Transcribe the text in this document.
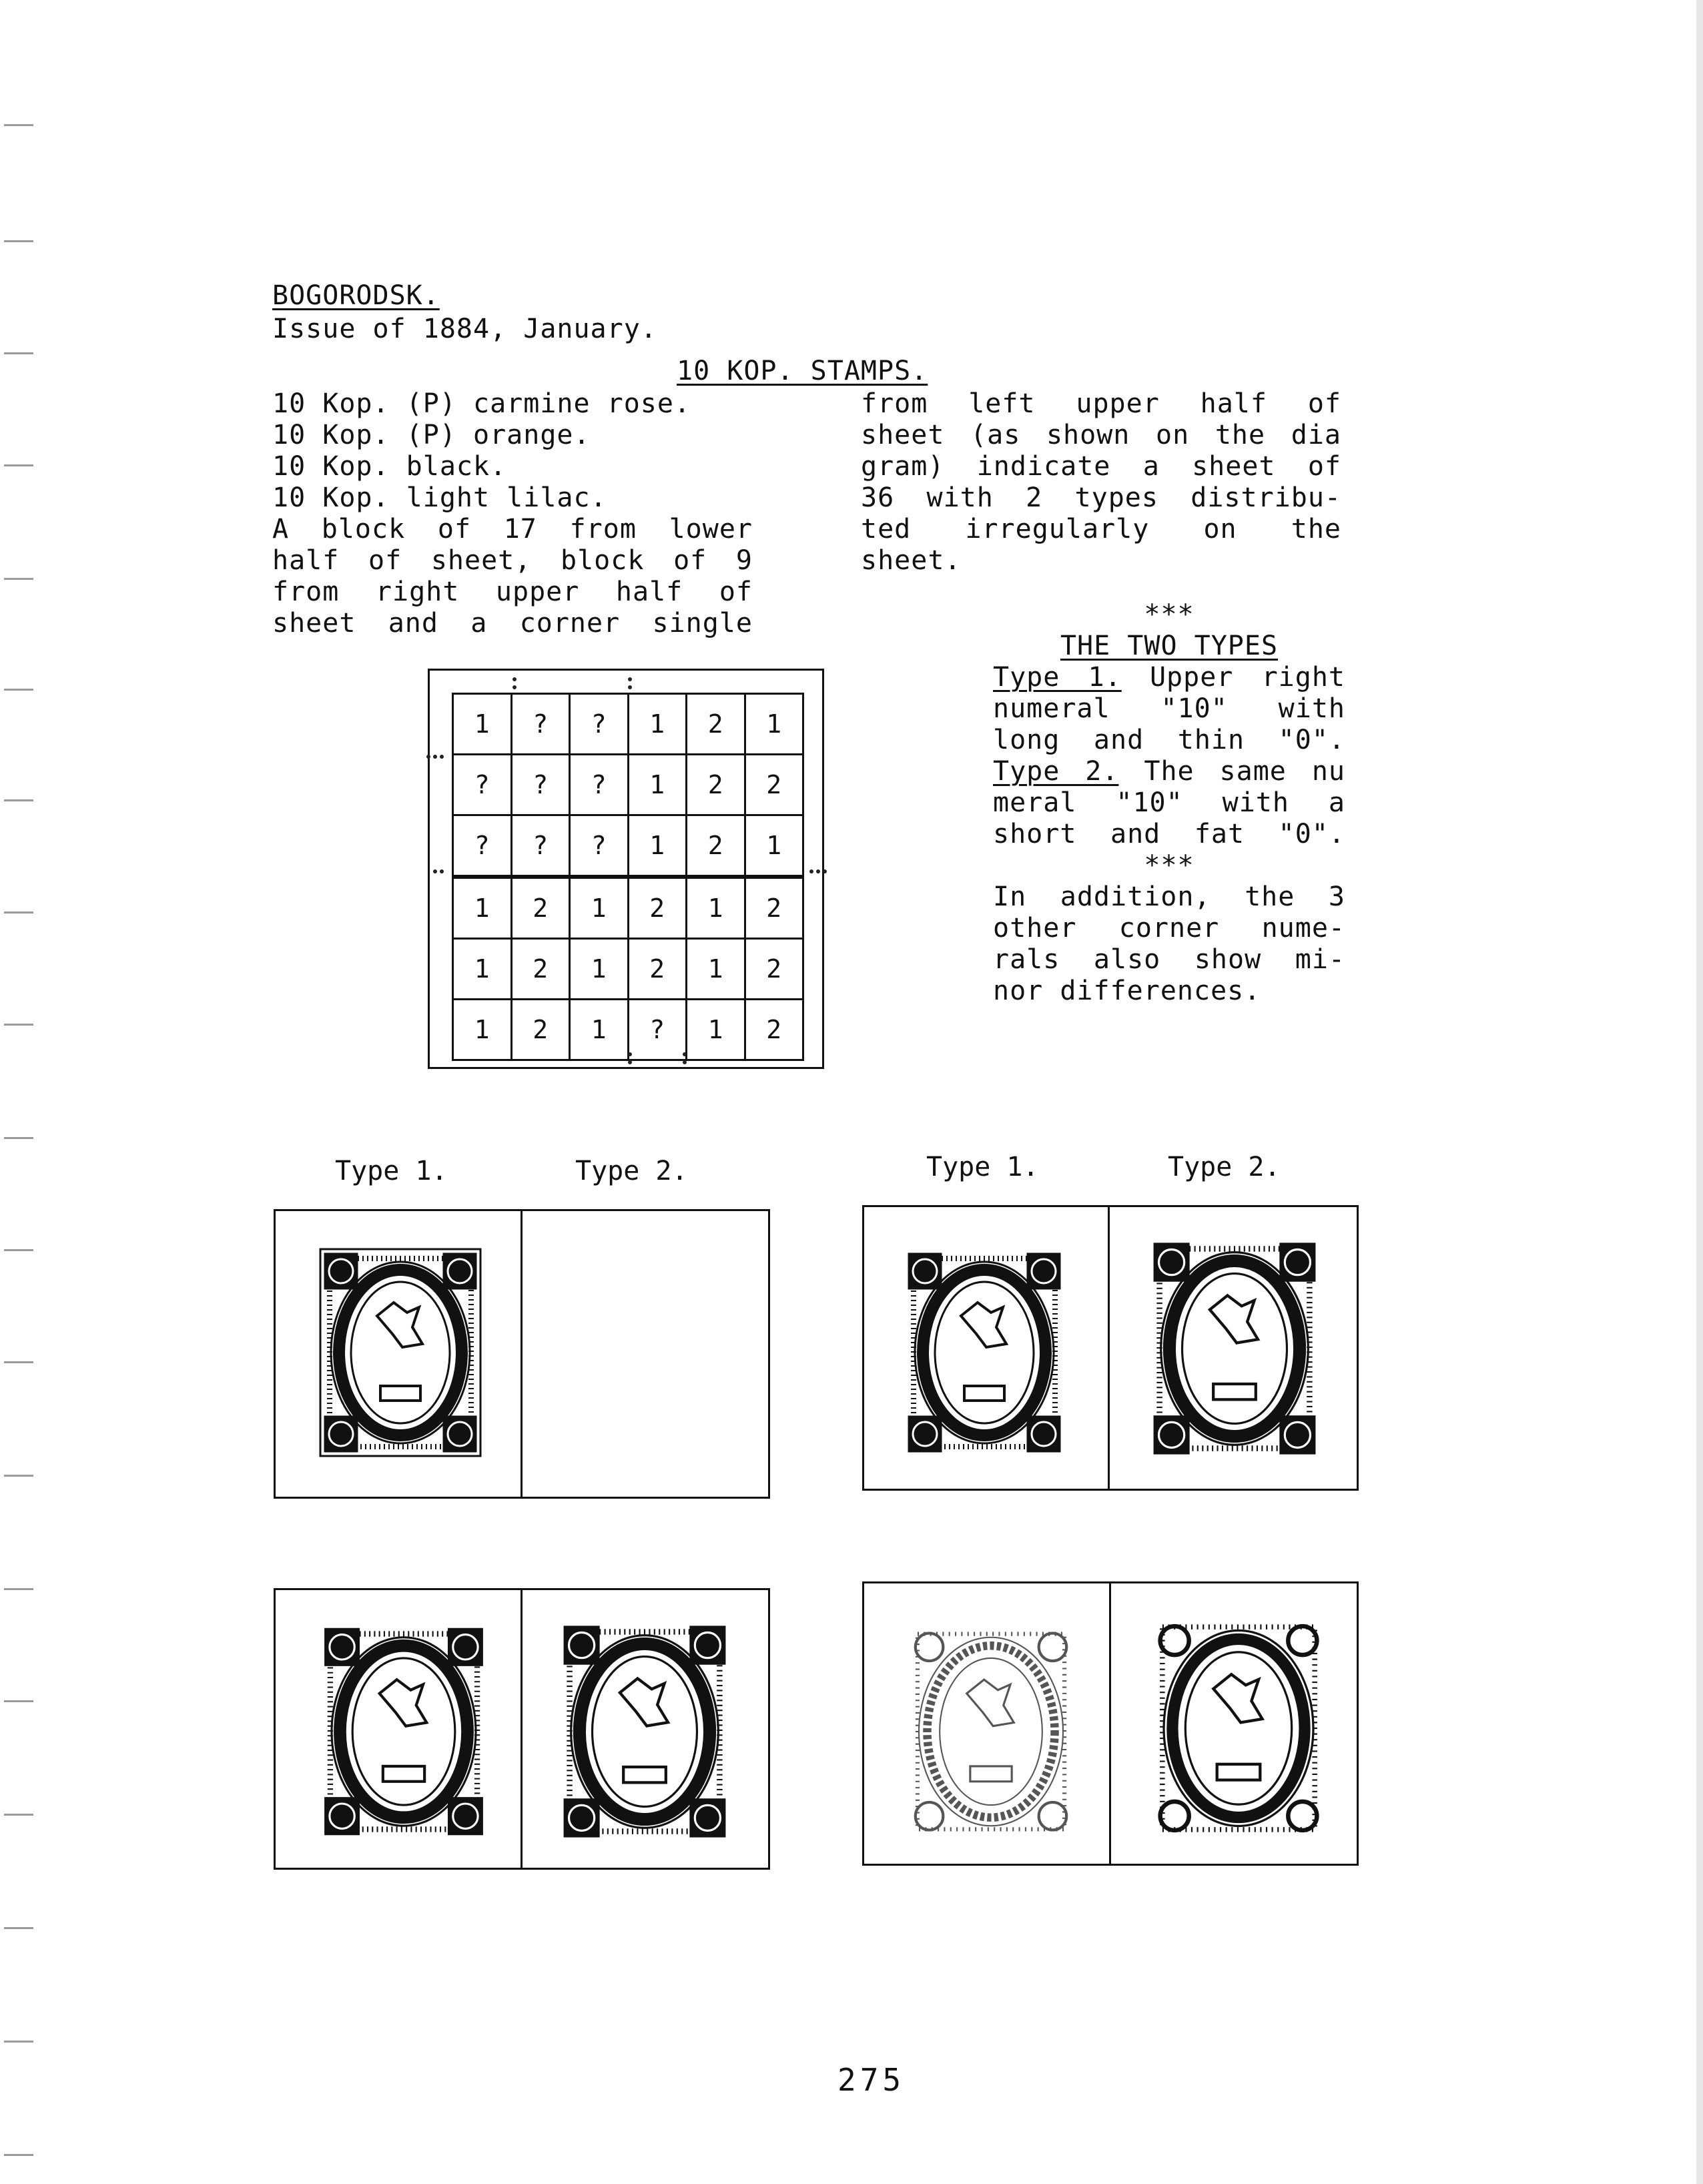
BOGORODSK.
Issue of 1884, January.
10 KOP. STAMPS.
10 Kop. (P) carmine rose.
10 Kop. (P) orange.
10 Kop. black.
10 Kop. light lilac.
A block of 17 from lower
half of sheet, block of 9
from right upper half of
sheet and a corner single
from left upper half of
sheet (as shown on the dia
gram) indicate a sheet of
36 with 2 types distribu-
ted irregularly on the
sheet.
***
THE TWO TYPES
Type 1. Upper right
numeral "10" with
long and thin "0".
Type 2. The same nu
meral "10" with a
short and fat "0".
***
In addition, the 3
other corner nume-
rals also show mi-
nor differences.
1	?	?	1	2	1
?	?	?	1	2	2
?	?	?	1	2	1
1	2	1	2	1	2
1	2	1	2	1	2
1	2	1	?	1	2
Type 1.	Type 2.	Type 1.	Type 2.
275
